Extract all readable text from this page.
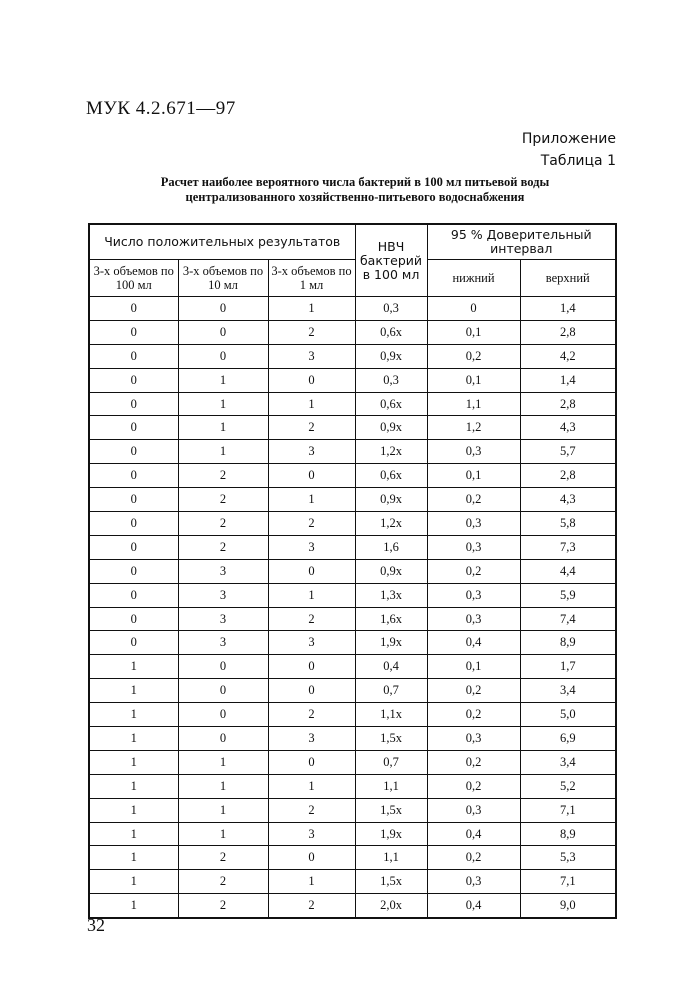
МУК 4.2.671—97
Приложение
Таблица 1
Расчет наиболее вероятного числа бактерий в 100 мл питьевой воды
централизованного хозяйственно-питьевого водоснабжения
Число положительных результатов			НВЧ бактерий в 100 мл	95 % Доверительный интервал	
3-х объемов по 100 мл	3-х объемов по 10 мл	3-х объемов по 1 мл		нижний	верхний
0	0	1	0,3	0	1,4
0	0	2	0,6x	0,1	2,8
0	0	3	0,9x	0,2	4,2
0	1	0	0,3	0,1	1,4
0	1	1	0,6x	1,1	2,8
0	1	2	0,9x	1,2	4,3
0	1	3	1,2x	0,3	5,7
0	2	0	0,6x	0,1	2,8
0	2	1	0,9x	0,2	4,3
0	2	2	1,2x	0,3	5,8
0	2	3	1,6	0,3	7,3
0	3	0	0,9x	0,2	4,4
0	3	1	1,3x	0,3	5,9
0	3	2	1,6x	0,3	7,4
0	3	3	1,9x	0,4	8,9
1	0	0	0,4	0,1	1,7
1	0	0	0,7	0,2	3,4
1	0	2	1,1x	0,2	5,0
1	0	3	1,5x	0,3	6,9
1	1	0	0,7	0,2	3,4
1	1	1	1,1	0,2	5,2
1	1	2	1,5x	0,3	7,1
1	1	3	1,9x	0,4	8,9
1	2	0	1,1	0,2	5,3
1	2	1	1,5x	0,3	7,1
1	2	2	2,0x	0,4	9,0
32
